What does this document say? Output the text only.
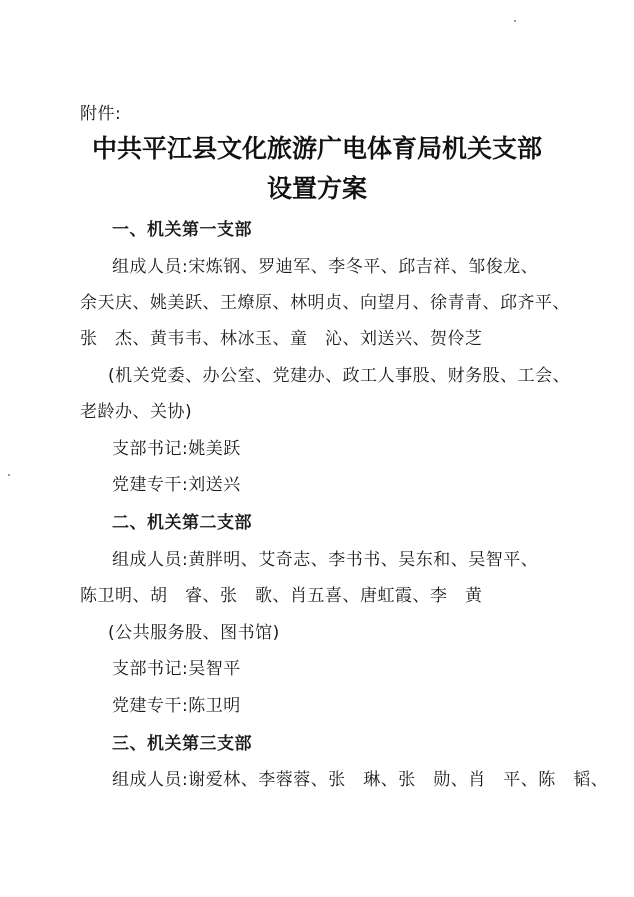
附件:
中共平江县文化旅游广电体育局机关支部
设置方案
一、机关第一支部
组成人员:宋炼钢、罗迪军、李冬平、邱吉祥、邹俊龙、
余天庆、姚美跃、王燎原、林明贞、向望月、徐青青、邱齐平、
张　杰、黄韦韦、林冰玉、童　沁、刘送兴、贺伶芝
(机关党委、办公室、党建办、政工人事股、财务股、工会、
老龄办、关协)
支部书记:姚美跃
党建专干:刘送兴
二、机关第二支部
组成人员:黄胖明、艾奇志、李书书、吴东和、吴智平、
陈卫明、胡　睿、张　歌、肖五喜、唐虹霞、李　黄
(公共服务股、图书馆)
支部书记:吴智平
党建专干:陈卫明
三、机关第三支部
组成人员:谢爱林、李蓉蓉、张　琳、张　勋、肖　平、陈　韬、
